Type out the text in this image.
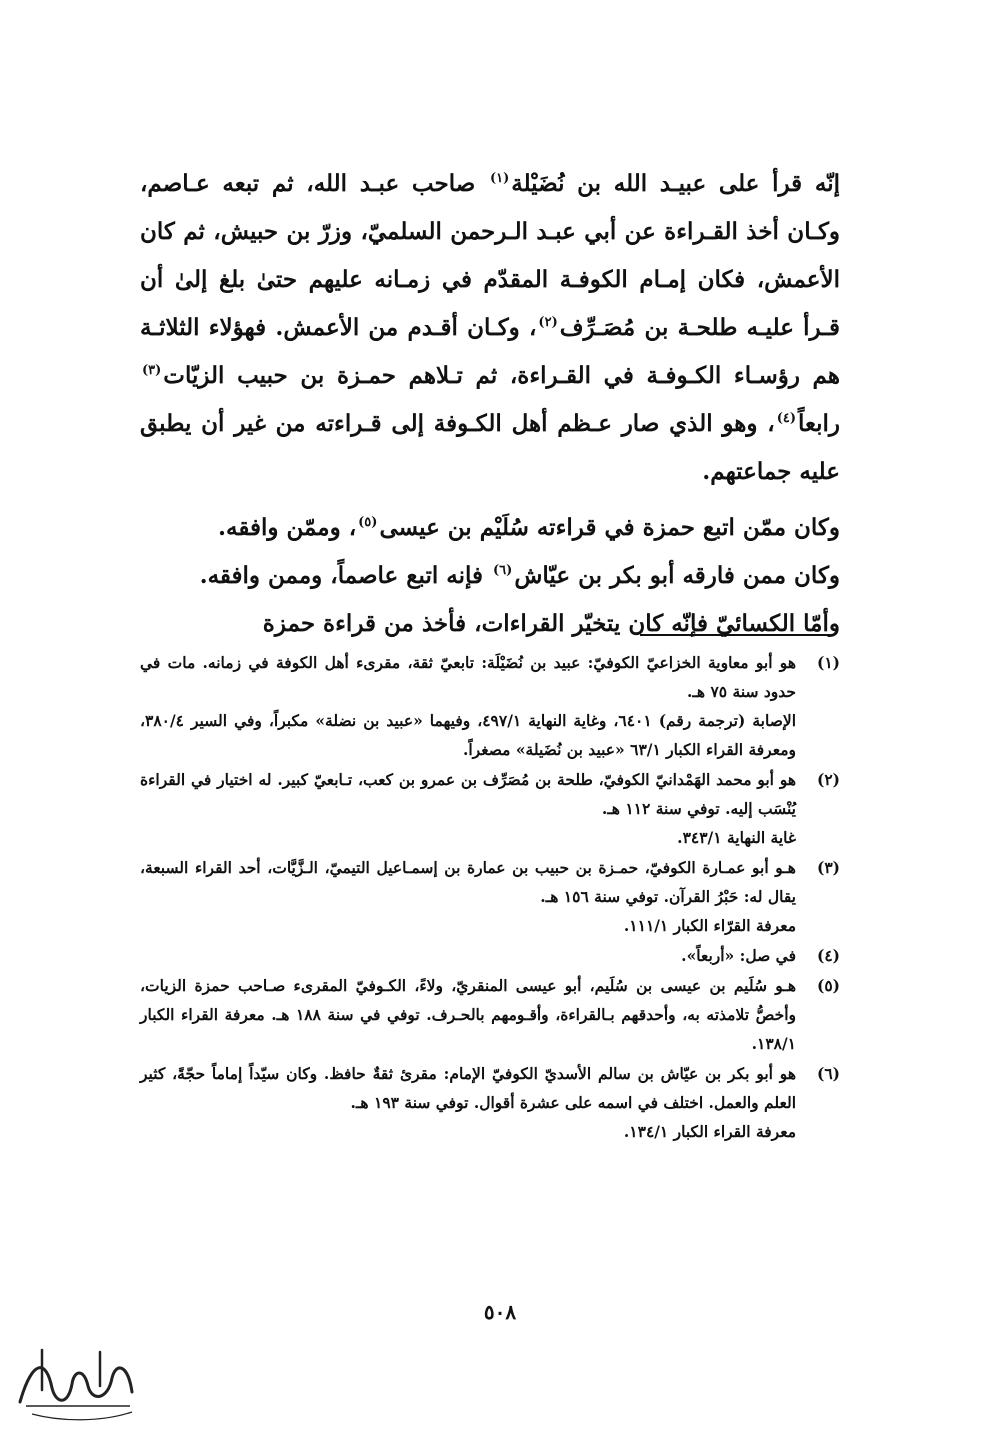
إنّه قرأ على عبيـد الله بن نُضَيْلة$^{(١)}$ صاحب عبـد الله، ثم تبعه عـاصم، وكـان أخذ القـراءة عن أبي عبـد الـرحمن السلميّ، وزرّ بن حبيش، ثم كان الأعمش، فكان إمـام الكوفـة المقدّم في زمـانه عليهم حتىٰ بلغ إلىٰ أن قـرأ عليـه طلحـة بن مُصَـرِّف$^{(٢)}$، وكـان أقـدم من الأعمش. فهؤلاء الثلاثـة هم رؤسـاء الكـوفـة في القـراءة، ثم تـلاهم حمـزة بن حبيب الزيّات$^{(٣)}$ رابعاً$^{(٤)}$، وهو الذي صار عـظم أهل الكـوفة إلى قـراءته من غير أن يطبق عليه جماعتهم.

وكان ممّن اتبع حمزة في قراءته سُلَيْم بن عيسى$^{(٥)}$، وممّن وافقه.

وكان ممن فارقه أبو بكر بن عيّاش$^{(٦)}$ فإنه اتبع عاصماً، وممن وافقه.

وأمّا الكسائيّ فإنّه كان يتخيّر القراءات، فأخذ من قراءة حمزة

(١)
هو أبو معاوية الخزاعيّ الكوفيّ: عبيد بن نُضَيْلَة: تابعيّ ثقة، مقرىء أهل الكوفة في زمانه. مات في حدود سنة ٧٥ هـ.
الإصابة (ترجمة رقم) ٦٤٠١، وغاية النهاية ٤٩٧/١، وفيهما «عبيد بن نضلة» مكبراً، وفي السير ٣٨٠/٤، ومعرفة القراء الكبار ٦٣/١ «عبيد بن نُضَيلة» مصغراً.
(٢)
هو أبو محمد الهَمْدانيّ الكوفيّ، طلحة بن مُصَرِّف بن عمرو بن كعب، تـابعيّ كبير. له اختيار في القراءة يُنْسَب إليه. توفي سنة ١١٢ هـ.
غاية النهاية ٣٤٣/١.
(٣)
هـو أبو عمـارة الكوفيّ، حمـزة بن حبيب بن عمارة بن إسمـاعيل التيميّ، الـزَّيَّات، أحد القراء السبعة، يقال له: حَبْرُ القرآن. توفي سنة ١٥٦ هـ.
معرفة القرّاء الكبار ١١١/١.
(٤)
في صل: «أربعاً».
(٥)
هـو سُلَيم بن عيسى بن سُلَيم، أبو عيسى المنقريّ، ولاءً، الكـوفيّ المقرىء صـاحب حمزة الزيات، وأخصُّ تلامذته به، وأحدقهم بـالقراءة، وأقـومهم بالحـرف. توفي في سنة ١٨٨ هـ. معرفة القراء الكبار ١٣٨/١.
(٦)
هو أبو بكر بن عيّاش بن سالم الأسديّ الكوفيّ الإمام: مقرئ ثقةٌ حافظ. وكان سيّداً إماماً حجّةً، كثير العلم والعمل. اختلف في اسمه على عشرة أقوال. توفي سنة ١٩٣ هـ.
معرفة القراء الكبار ١٣٤/١.
٥٠٨
